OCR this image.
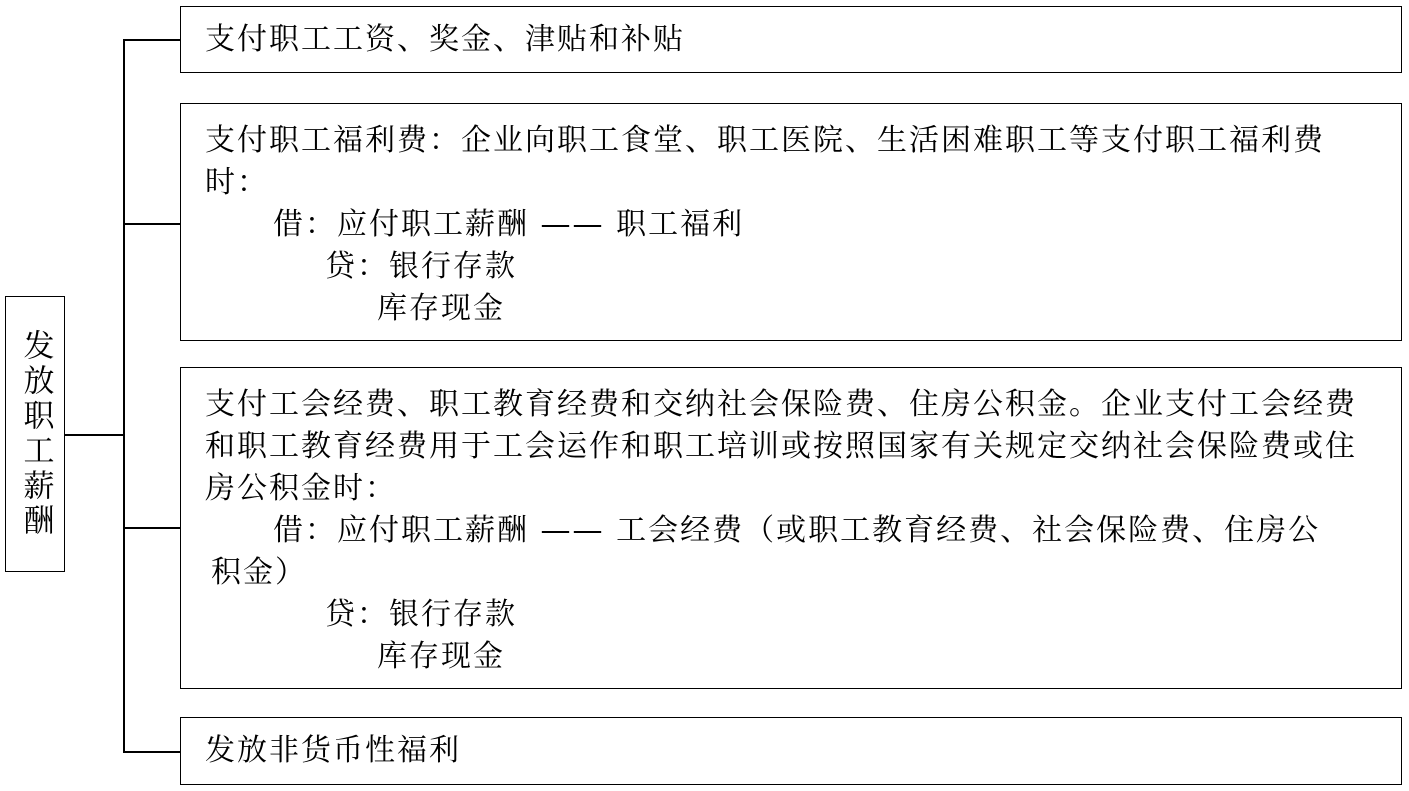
发放职工薪酬
支付职工工资、奖金、津贴和补贴
支付职工福利费：企业向职工食堂、职工医院、生活困难职工等支付职工福利费时：
借：应付职工薪酬 —— 职工福利
贷：银行存款
库存现金
支付工会经费、职工教育经费和交纳社会保险费、住房公积金。企业支付工会经费和职工教育经费用于工会运作和职工培训或按照国家有关规定交纳社会保险费或住房公积金时：
借：应付职工薪酬 —— 工会经费（或职工教育经费、社会保险费、住房公
积金）
贷：银行存款
库存现金
发放非货币性福利
